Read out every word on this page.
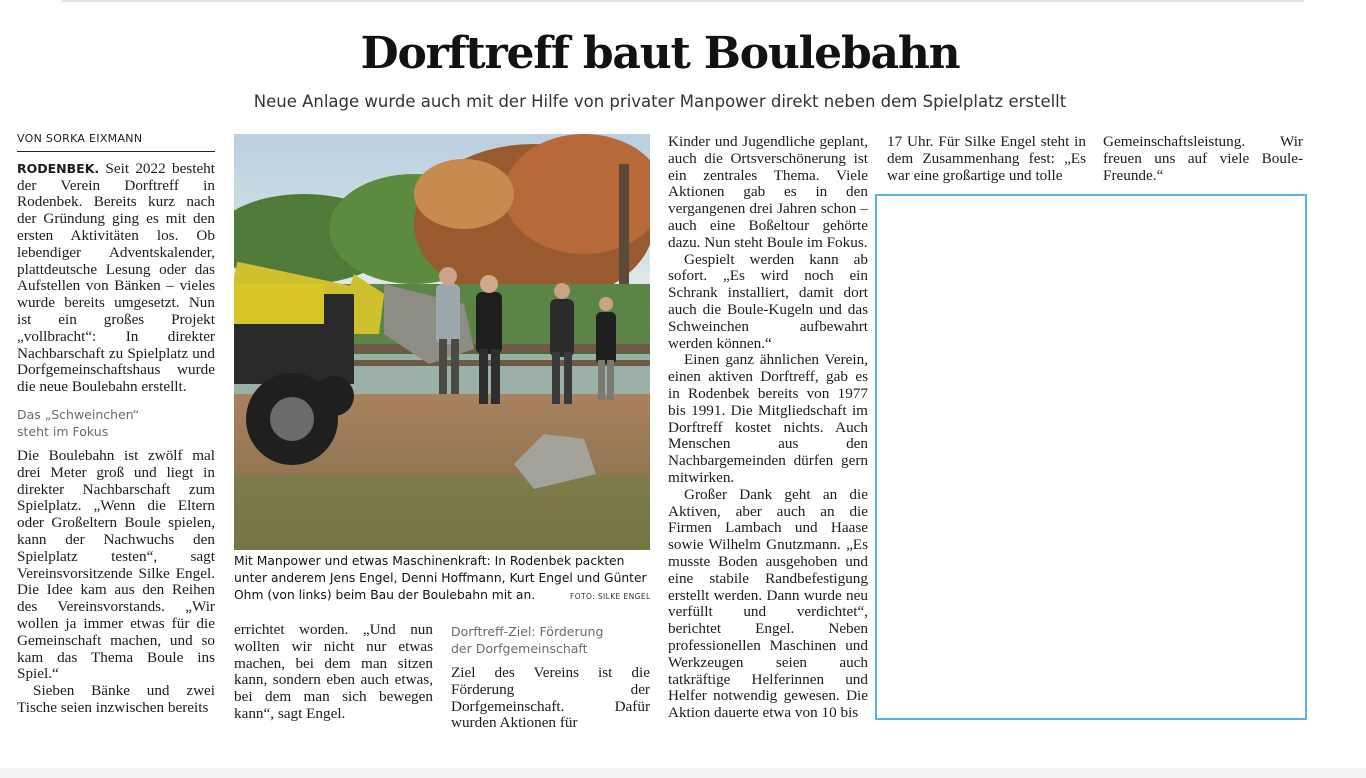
Dorftreff baut Boulebahn
Neue Anlage wurde auch mit der Hilfe von privater Manpower direkt neben dem Spielplatz erstellt
VON SORKA EIXMANN

RODENBEK. Seit 2022 besteht der Verein Dorftreff in Rodenbek. Bereits kurz nach der Gründung ging es mit den ersten Aktivitäten los. Ob lebendiger Adventskalender, plattdeutsche Lesung oder das Aufstellen von Bänken – vieles wurde bereits umgesetzt. Nun ist ein großes Projekt „vollbracht“: In direkter Nachbarschaft zu Spielplatz und Dorfgemeinschaftshaus wurde die neue Boulebahn erstellt.

Das „Schweinchen“
steht im Fokus

Die Boulebahn ist zwölf mal drei Meter groß und liegt in direkter Nachbarschaft zum Spielplatz. „Wenn die Eltern oder Großeltern Boule spielen, kann der Nachwuchs den Spielplatz testen“, sagt Vereinsvorsitzende Silke Engel. Die Idee kam aus den Reihen des Vereinsvorstands. „Wir wollen ja immer etwas für die Gemeinschaft machen, und so kam das Thema Boule ins Spiel.“

Sieben Bänke und zwei Tische seien inzwischen bereits

Mit Manpower und etwas Maschinenkraft: In Rodenbek packten unter anderem Jens Engel, Denni Hoffmann, Kurt Engel und Günter Ohm (von links) beim Bau der Boulebahn mit an.	FOTO: SILKE ENGEL

errichtet worden. „Und nun wollten wir nicht nur etwas machen, bei dem man sitzen kann, sondern eben auch etwas, bei dem man sich bewegen kann“, sagt Engel.

Dorftreff-Ziel: Förderung
der Dorfgemeinschaft

Ziel des Vereins ist die Förderung der Dorfgemeinschaft. Dafür wurden Aktionen für

Kinder und Jugendliche geplant, auch die Ortsverschönerung ist ein zentrales Thema. Viele Aktionen gab es in den vergangenen drei Jahren schon – auch eine Boßeltour gehörte dazu. Nun steht Boule im Fokus.

Gespielt werden kann ab sofort. „Es wird noch ein Schrank installiert, damit dort auch die Boule-Kugeln und das Schweinchen aufbewahrt werden können.“

Einen ganz ähnlichen Verein, einen aktiven Dorftreff, gab es in Rodenbek bereits von 1977 bis 1991. Die Mitgliedschaft im Dorftreff kostet nichts. Auch Menschen aus den Nachbargemeinden dürfen gern mitwirken.

Großer Dank geht an die Aktiven, aber auch an die Firmen Lambach und Haase sowie Wilhelm Gnutzmann. „Es musste Boden ausgehoben und eine stabile Randbefestigung erstellt werden. Dann wurde neu verfüllt und verdichtet“, berichtet Engel. Neben professionellen Maschinen und Werkzeugen seien auch tatkräftige Helferinnen und Helfer notwendig gewesen. Die Aktion dauerte etwa von 10 bis

17 Uhr. Für Silke Engel steht in dem Zusammenhang fest: „Es war eine großartige und tolle

Gemeinschaftsleistung. Wir freuen uns auf viele Boule-Freunde.“
